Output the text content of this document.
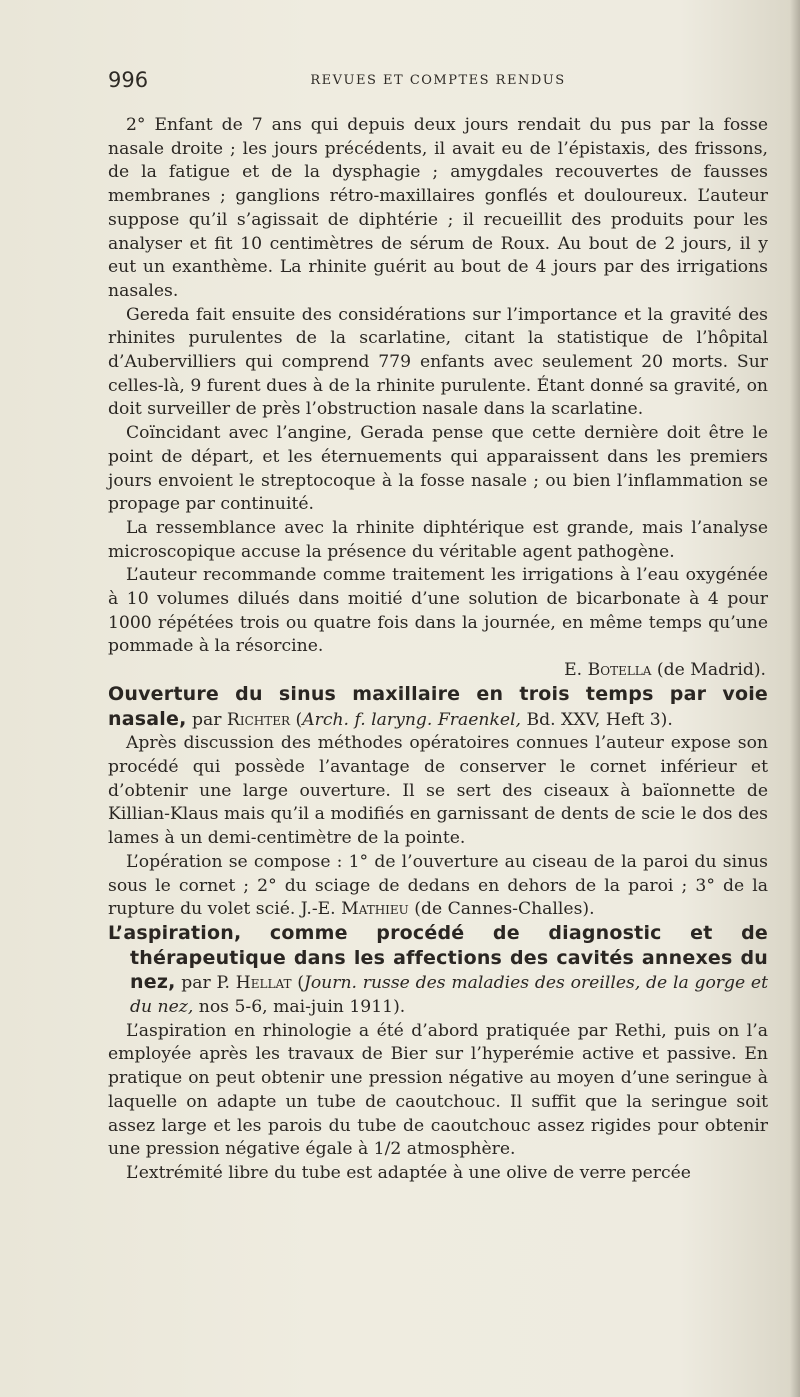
996	REVUES ET COMPTES RENDUS

2° Enfant de 7 ans qui depuis deux jours rendait du pus par la fosse nasale droite ; les jours précédents, il avait eu de l’épistaxis, des frissons, de la fatigue et de la dysphagie ; amygdales recouvertes de fausses membranes ; ganglions rétro-maxillaires gonflés et douloureux. L’auteur suppose qu’il s’agissait de diphtérie ; il recueillit des produits pour les analyser et fit 10 centimètres de sérum de Roux. Au bout de 2 jours, il y eut un exanthème. La rhinite guérit au bout de 4 jours par des irrigations nasales.

Gereda fait ensuite des considérations sur l’importance et la gravité des rhinites purulentes de la scarlatine, citant la statistique de l’hôpital d’Aubervilliers qui comprend 779 enfants avec seulement 20 morts. Sur celles-là, 9 furent dues à de la rhinite purulente. Étant donné sa gravité, on doit surveiller de près l’obstruction nasale dans la scarlatine.

Coïncidant avec l’angine, Gerada pense que cette dernière doit être le point de départ, et les éternuements qui apparaissent dans les premiers jours envoient le streptocoque à la fosse nasale ; ou bien l’inflammation se propage par continuité.

La ressemblance avec la rhinite diphtérique est grande, mais l’analyse microscopique accuse la présence du véritable agent pathogène.

L’auteur recommande comme traitement les irrigations à l’eau oxygénée à 10 volumes dilués dans moitié d’une solution de bicarbonate à 4 pour 1000 répétées trois ou quatre fois dans la journée, en même temps qu’une pommade à la résorcine.

E. Botella (de Madrid).

Ouverture du sinus maxillaire en trois temps par voie nasale, par Richter (Arch. f. laryng. Fraenkel, Bd. XXV, Heft 3).

Après discussion des méthodes opératoires connues l’auteur expose son procédé qui possède l’avantage de conserver le cornet inférieur et d’obtenir une large ouverture. Il se sert des ciseaux à baïonnette de Killian-Klaus mais qu’il a modifiés en garnissant de dents de scie le dos des lames à un demi-centimètre de la pointe.

L’opération se compose : 1° de l’ouverture au ciseau de la paroi du sinus sous le cornet ; 2° du sciage de dedans en dehors de la paroi ; 3° de la rupture du volet scié. J.-E. Mathieu (de Cannes-Challes).

L’aspiration, comme procédé de diagnostic et de thérapeutique dans les affections des cavités annexes du nez, par P. Hellat (Journ. russe des maladies des oreilles, de la gorge et du nez, nos 5-6, mai-juin 1911).

L’aspiration en rhinologie a été d’abord pratiquée par Rethi, puis on l’a employée après les travaux de Bier sur l’hyperémie active et passive. En pratique on peut obtenir une pression négative au moyen d’une seringue à laquelle on adapte un tube de caoutchouc. Il suffit que la seringue soit assez large et les parois du tube de caoutchouc assez rigides pour obtenir une pression négative égale à 1/2 atmosphère.

L’extrémité libre du tube est adaptée à une olive de verre percée
